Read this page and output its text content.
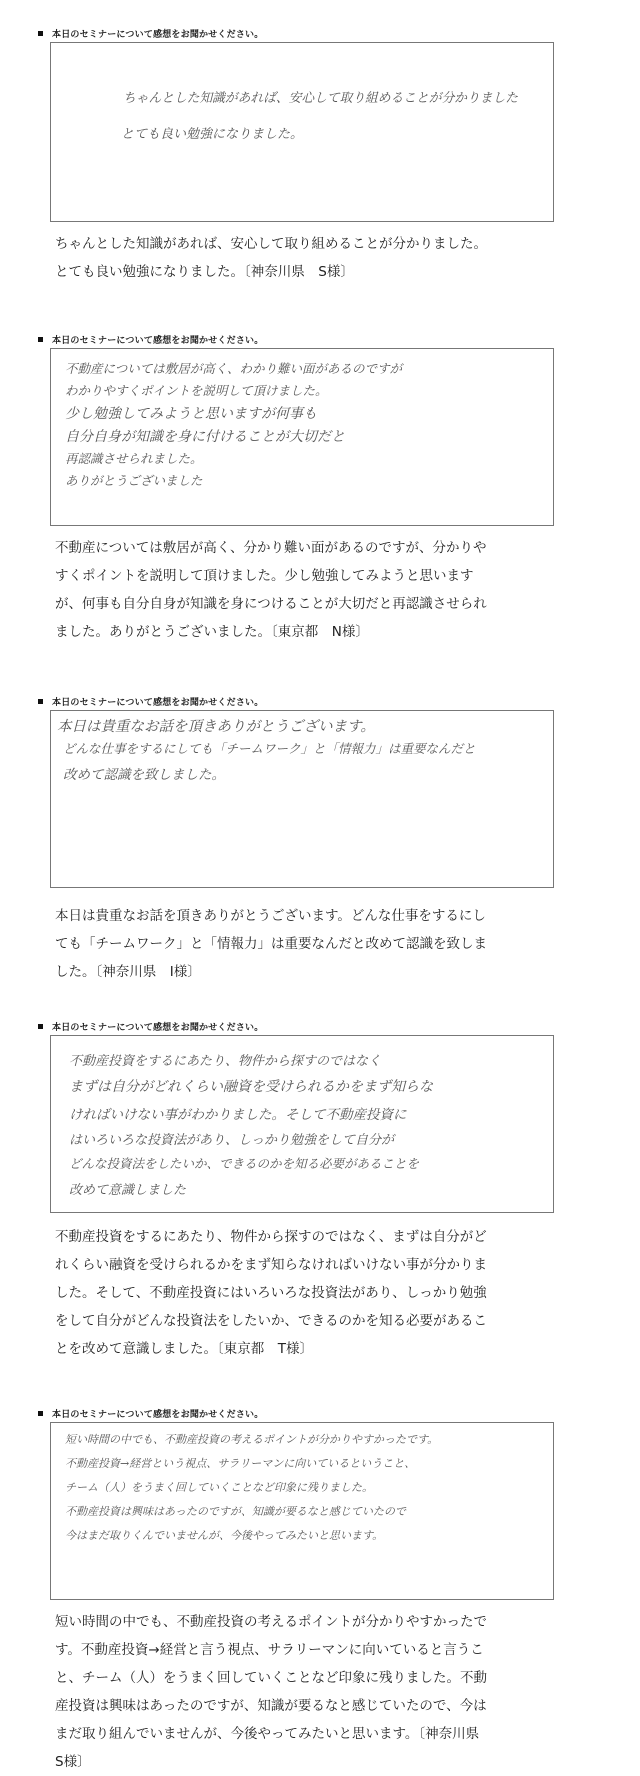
本日のセミナーについて感想をお聞かせください。
ちゃんとした知識があれば、安心して取り組めることが分かりました
とても良い勉強になりました。
ちゃんとした知識があれば、安心して取り組めることが分かりました。とても良い勉強になりました。〔神奈川県　S様〕
本日のセミナーについて感想をお聞かせください。
不動産については敷居が高く、わかり難い面があるのですが
わかりやすくポイントを説明して頂けました。
少し勉強してみようと思いますが何事も
自分自身が知識を身に付けることが大切だと
再認識させられました。
ありがとうございました
不動産については敷居が高く、分かり難い面があるのですが、分かりやすくポイントを説明して頂けました。少し勉強してみようと思いますが、何事も自分自身が知識を身につけることが大切だと再認識させられました。ありがとうございました。〔東京都　N様〕
本日のセミナーについて感想をお聞かせください。
本日は貴重なお話を頂きありがとうございます。
どんな仕事をするにしても「チームワーク」と「情報力」は重要なんだと
改めて認識を致しました。
本日は貴重なお話を頂きありがとうございます。どんな仕事をするにしても「チームワーク」と「情報力」は重要なんだと改めて認識を致しました。〔神奈川県　I様〕
本日のセミナーについて感想をお聞かせください。
不動産投資をするにあたり、物件から探すのではなく
まずは自分がどれくらい融資を受けられるかをまず知らな
ければいけない事がわかりました。そして不動産投資に
はいろいろな投資法があり、しっかり勉強をして自分が
どんな投資法をしたいか、できるのかを知る必要があることを
改めて意識しました
不動産投資をするにあたり、物件から探すのではなく、まずは自分がどれくらい融資を受けられるかをまず知らなければいけない事が分かりました。そして、不動産投資にはいろいろな投資法があり、しっかり勉強をして自分がどんな投資法をしたいか、できるのかを知る必要があることを改めて意識しました。〔東京都　T様〕
本日のセミナーについて感想をお聞かせください。
短い時間の中でも、不動産投資の考えるポイントが分かりやすかったです。
不動産投資→経営という視点、サラリーマンに向いているということ、
チーム（人）をうまく回していくことなど印象に残りました。
不動産投資は興味はあったのですが、知識が要るなと感じていたので
今はまだ取りくんでいませんが、今後やってみたいと思います。
短い時間の中でも、不動産投資の考えるポイントが分かりやすかったです。不動産投資→経営と言う視点、サラリーマンに向いていると言うこと、チーム（人）をうまく回していくことなど印象に残りました。不動産投資は興味はあったのですが、知識が要るなと感じていたので、今はまだ取り組んでいませんが、今後やってみたいと思います。〔神奈川県　S様〕
